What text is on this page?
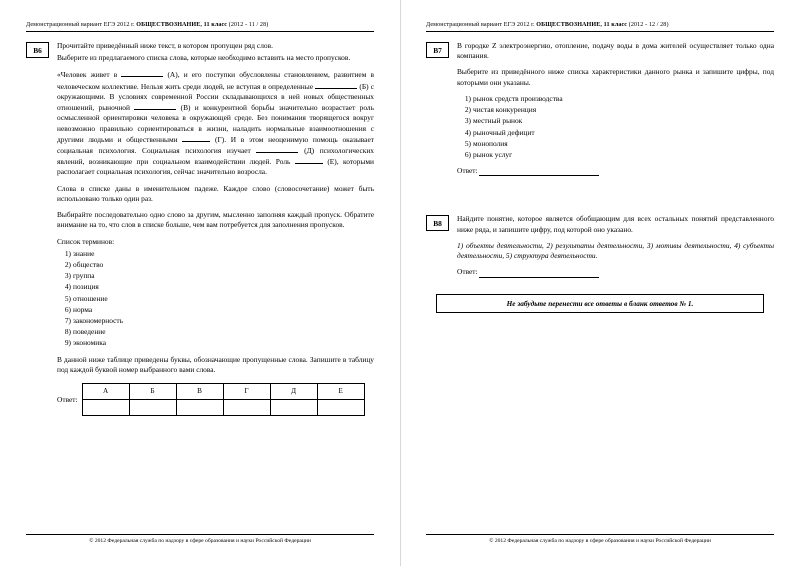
Демонстрационный вариант ЕГЭ 2012 г. ОБЩЕСТВОЗНАНИЕ, 11 класс (2012 - 11 / 28)
В6	Прочитайте приведённый ниже текст, в котором пропущен ряд слов.

Выберите из предлагаемого списка слова, которые необходимо вставить на место пропусков.

«Человек живет в	(А), и его поступки обусловлены становлением, развитием в человеческом коллективе. Нельзя жить среди людей, не вступая в определенные	(Б) с окружающими. В условиях современной России складывающихся в ней новых общественных отношений, рыночной	(В) и конкурентной борьбы значительно возрастает роль осмысленной ориентировки человека в окружающей среде. Без понимания творящегося вокруг невозможно правильно сориентироваться в жизни, наладить нормальные взаимоотношения с другими людьми и общественными	(Г). И в этом неоценимую помощь оказывает социальная психология. Социальная психология изучает	(Д) психологических явлений, возникающие при социальном взаимодействии людей. Роль	(Е), которыми располагает социальная психология, сейчас значительно возросла.

Слова в списке даны в именительном падеже. Каждое слово (словосочетание) может быть использовано только один раз.

Выбирайте последовательно одно слово за другим, мысленно заполняя каждый пропуск. Обратите внимание на то, что слов в списке больше, чем вам потребуется для заполнения пропусков.

Список терминов:

1) знание
2) общество
3) группа
4) позиция
5) отношение
6) норма
7) закономерность
8) поведение
9) экономика

В данной ниже таблице приведены буквы, обозначающие пропущенные слова. Запишите в таблицу под каждой буквой номер выбранного вами слова.

Ответ:
А	Б	В	Г	Д	Е

© 2012 Федеральная служба по надзору в сфере образования и науки Российской Федерации
Демонстрационный вариант ЕГЭ 2012 г. ОБЩЕСТВОЗНАНИЕ, 11 класс (2012 - 12 / 28)
В7	В городке Z электроэнергию, отопление, подачу воды в дома жителей осуществляет только одна компания.

Выберите из приведённого ниже списка характеристики данного рынка и запишите цифры, под которыми они указаны.

1) рынок средств производства
2) чистая конкуренция
3) местный рынок
4) рыночный дефицит
5) монополия
6) рынок услуг
Ответ:
В8	Найдите понятие, которое является обобщающим для всех остальных понятий представленного ниже ряда, и запишите цифру, под которой оно указано.

1) объекты деятельности, 2) результаты деятельности, 3) мотивы деятельности, 4) субъекты деятельности, 5) структура деятельности.

Ответ:
Не забудьте перенести все ответы в бланк ответов № 1.
© 2012 Федеральная служба по надзору в сфере образования и науки Российской Федерации
